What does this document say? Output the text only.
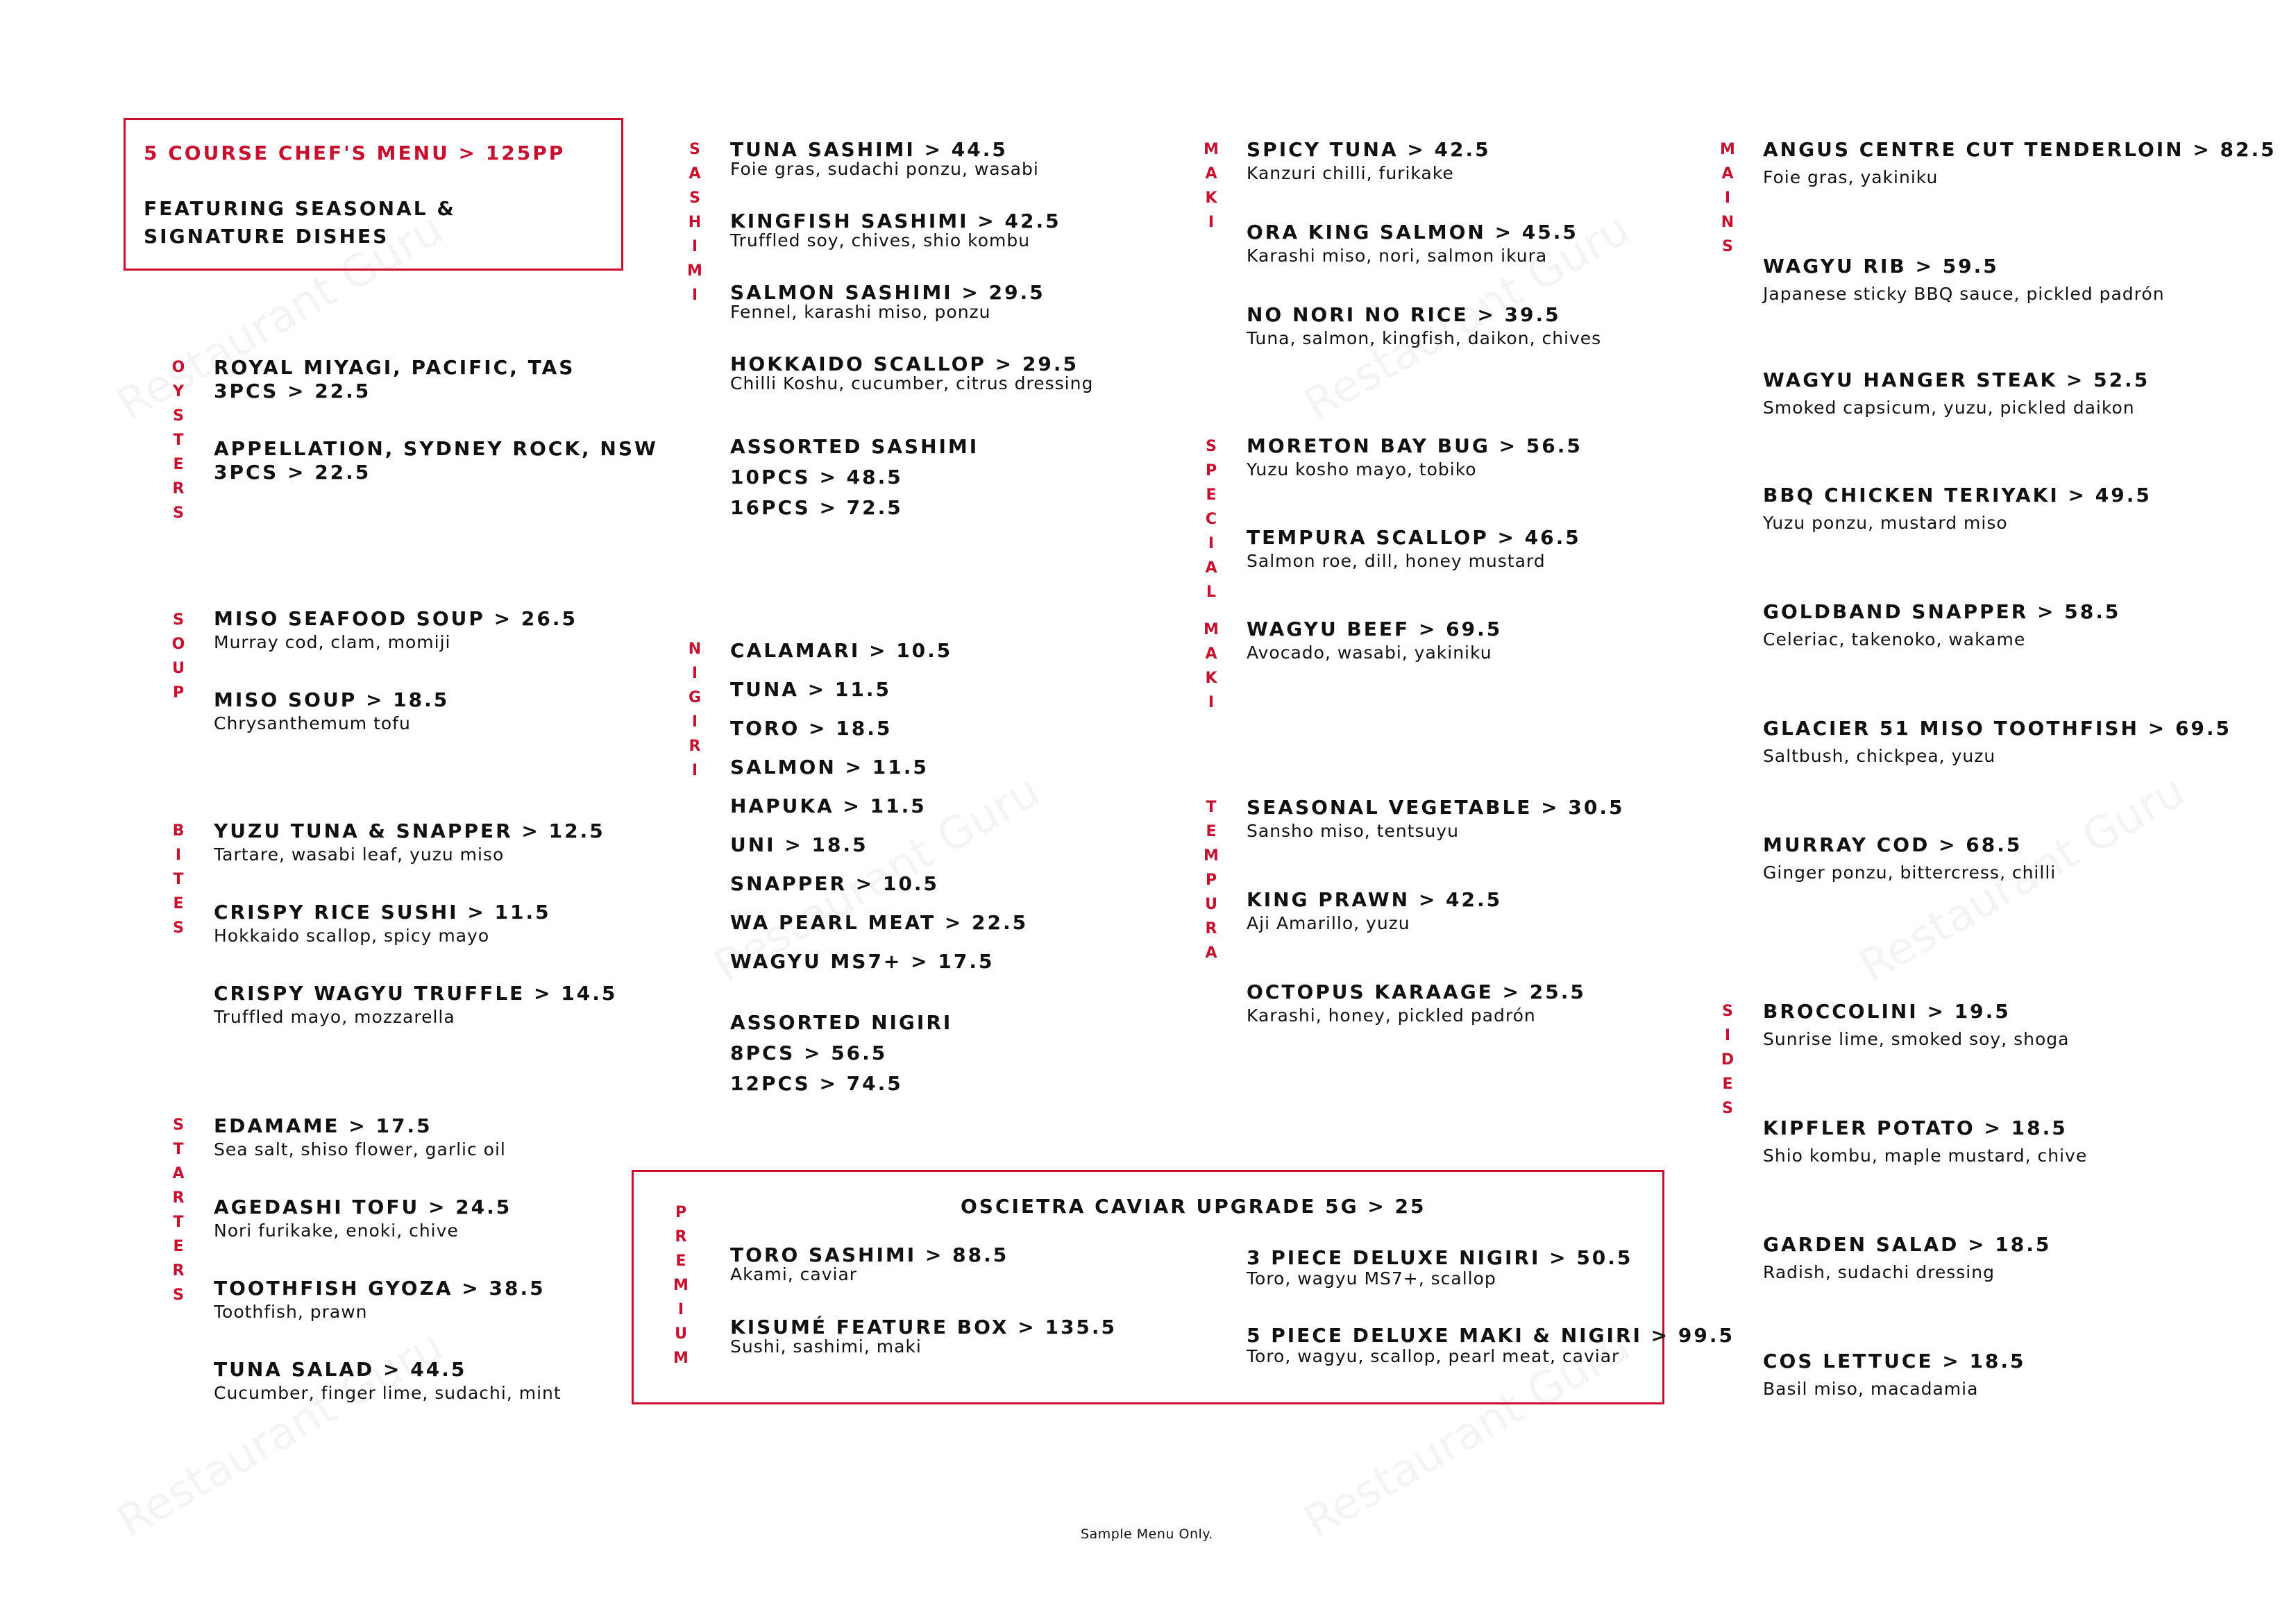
5 COURSE CHEF'S MENU > 125PP
FEATURING SEASONAL &
SIGNATURE DISHES
O
Y
S
T
E
R
S
S
O
U
P
B
I
T
E
S
S
T
A
R
T
E
R
S
S
A
S
H
I
M
I
N
I
G
I
R
I
P
R
E
M
I
U
M
M
A
K
I
S
P
E
C
I
A
L
M
A
K
I
T
E
M
P
U
R
A
M
A
I
N
S
S
I
D
E
S
ROYAL MIYAGI, PACIFIC, TAS
3PCS > 22.5
APPELLATION, SYDNEY ROCK, NSW
3PCS > 22.5
MISO SEAFOOD SOUP > 26.5
Murray cod, clam, momiji
MISO SOUP > 18.5
Chrysanthemum tofu
YUZU TUNA & SNAPPER > 12.5
Tartare, wasabi leaf, yuzu miso
CRISPY RICE SUSHI > 11.5
Hokkaido scallop, spicy mayo
CRISPY WAGYU TRUFFLE > 14.5
Truffled mayo, mozzarella
EDAMAME > 17.5
Sea salt, shiso flower, garlic oil
AGEDASHI TOFU > 24.5
Nori furikake, enoki, chive
TOOTHFISH GYOZA > 38.5
Toothfish, prawn
TUNA SALAD > 44.5
Cucumber, finger lime, sudachi, mint
TUNA SASHIMI > 44.5
Foie gras, sudachi ponzu, wasabi
KINGFISH SASHIMI > 42.5
Truffled soy, chives, shio kombu
SALMON SASHIMI > 29.5
Fennel, karashi miso, ponzu
HOKKAIDO SCALLOP > 29.5
Chilli Koshu, cucumber, citrus dressing
ASSORTED SASHIMI
10PCS > 48.5
16PCS > 72.5
CALAMARI > 10.5
TUNA > 11.5
TORO > 18.5
SALMON > 11.5
HAPUKA > 11.5
UNI > 18.5
SNAPPER > 10.5
WA PEARL MEAT > 22.5
WAGYU MS7+ > 17.5
ASSORTED NIGIRI
8PCS > 56.5
12PCS > 74.5
OSCIETRA CAVIAR UPGRADE 5G > 25
TORO SASHIMI > 88.5
Akami, caviar
KISUMÉ FEATURE BOX > 135.5
Sushi, sashimi, maki
3 PIECE DELUXE NIGIRI > 50.5
Toro, wagyu MS7+, scallop
5 PIECE DELUXE MAKI & NIGIRI > 99.5
Toro, wagyu, scallop, pearl meat, caviar
SPICY TUNA > 42.5
Kanzuri chilli, furikake
ORA KING SALMON > 45.5
Karashi miso, nori, salmon ikura
NO NORI NO RICE > 39.5
Tuna, salmon, kingfish, daikon, chives
MORETON BAY BUG > 56.5
Yuzu kosho mayo, tobiko
TEMPURA SCALLOP > 46.5
Salmon roe, dill, honey mustard
WAGYU BEEF > 69.5
Avocado, wasabi, yakiniku
SEASONAL VEGETABLE > 30.5
Sansho miso, tentsuyu
KING PRAWN > 42.5
Aji Amarillo, yuzu
OCTOPUS KARAAGE > 25.5
Karashi, honey, pickled padrón
ANGUS CENTRE CUT TENDERLOIN > 82.5
Foie gras, yakiniku
WAGYU RIB > 59.5
Japanese sticky BBQ sauce, pickled padrón
WAGYU HANGER STEAK > 52.5
Smoked capsicum, yuzu, pickled daikon
BBQ CHICKEN TERIYAKI > 49.5
Yuzu ponzu, mustard miso
GOLDBAND SNAPPER > 58.5
Celeriac, takenoko, wakame
GLACIER 51 MISO TOOTHFISH > 69.5
Saltbush, chickpea, yuzu
MURRAY COD > 68.5
Ginger ponzu, bittercress, chilli
BROCCOLINI > 19.5
Sunrise lime, smoked soy, shoga
KIPFLER POTATO > 18.5
Shio kombu, maple mustard, chive
GARDEN SALAD > 18.5
Radish, sudachi dressing
COS LETTUCE > 18.5
Basil miso, macadamia
Sample Menu Only.
